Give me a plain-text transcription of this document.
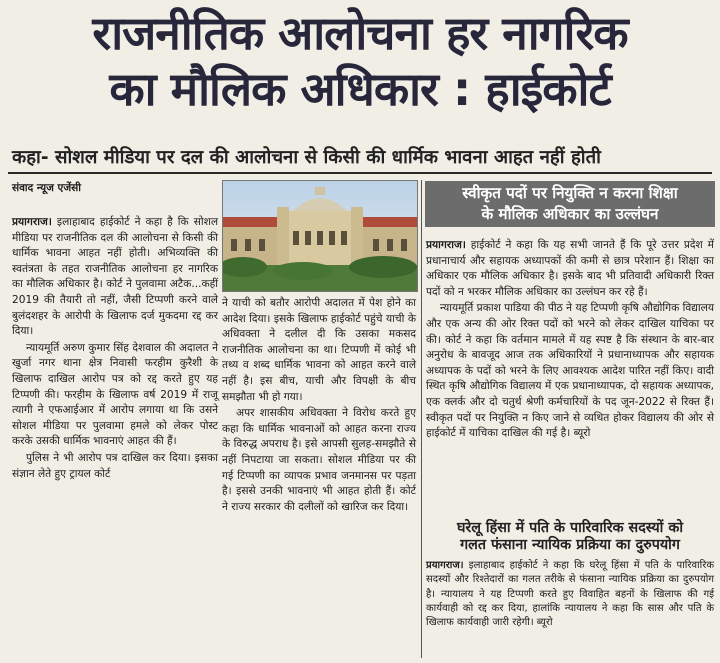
राजनीतिक आलोचना हर नागरिक
का मौलिक अधिकार : हाईकोर्ट
कहा- सोशल मीडिया पर दल की आलोचना से किसी की धार्मिक भावना आहत नहीं होती
संवाद न्यूज एजेंसी

प्रयागराज। इलाहाबाद हाईकोर्ट ने कहा है कि सोशल मीडिया पर राजनीतिक दल की आलोचना से किसी की धार्मिक भावना आहत नहीं होती। अभिव्यक्ति की स्वतंत्रता के तहत राजनीतिक आलोचना हर नागरिक का मौलिक अधिकार है। कोर्ट ने पुलवामा अटैक...कहीं 2019 की तैयारी तो नहीं, जैसी टिप्पणी करने वाले बुलंदशहर के आरोपी के खिलाफ दर्ज मुकदमा रद्द कर दिया।

न्यायमूर्ति अरुण कुमार सिंह देशवाल की अदालत ने खुर्जा नगर थाना क्षेत्र निवासी फरहीम कुरैशी के खिलाफ दाखिल आरोप पत्र को रद्द करते हुए यह टिप्पणी की। फरहीम के खिलाफ वर्ष 2019 में राजू त्यागी ने एफआईआर में आरोप लगाया था कि उसने सोशल मीडिया पर पुलवामा हमले को लेकर पोस्ट करके उसकी धार्मिक भावनाएं आहत की हैं।

पुलिस ने भी आरोप पत्र दाखिल कर दिया। इसका संज्ञान लेते हुए ट्रायल कोर्ट

ने याची को बतौर आरोपी अदालत में पेश होने का आदेश दिया। इसके खिलाफ हाईकोर्ट पहुंचे याची के अधिवक्ता ने दलील दी कि उसका मकसद राजनीतिक आलोचना का था। टिप्पणी में कोई भी तथ्य व शब्द धार्मिक भावना को आहत करने वाले नहीं है। इस बीच, याची और विपक्षी के बीच समझौता भी हो गया।

अपर शासकीय अधिवक्ता ने विरोध करते हुए कहा कि धार्मिक भावनाओं को आहत करना राज्य के विरुद्ध अपराध है। इसे आपसी सुलह-समझौते से नहीं निपटाया जा सकता। सोशल मीडिया पर की गई टिप्पणी का व्यापक प्रभाव जनमानस पर पड़ता है। इससे उनकी भावनाएं भी आहत होती हैं। कोर्ट ने राज्य सरकार की दलीलों को खारिज कर दिया।

स्वीकृत पदों पर नियुक्ति न करना शिक्षा
के मौलिक अधिकार का उल्लंघन

प्रयागराज। हाईकोर्ट ने कहा कि यह सभी जानते हैं कि पूरे उत्तर प्रदेश में प्रधानाचार्य और सहायक अध्यापकों की कमी से छात्र परेशान हैं। शिक्षा का अधिकार एक मौलिक अधिकार है। इसके बाद भी प्रतिवादी अधिकारी रिक्त पदों को न भरकर मौलिक अधिकार का उल्लंघन कर रहे हैं।

न्यायमूर्ति प्रकाश पाडिया की पीठ ने यह टिप्पणी कृषि औद्योगिक विद्यालय और एक अन्य की ओर रिक्त पदों को भरने को लेकर दाखिल याचिका पर की। कोर्ट ने कहा कि वर्तमान मामले में यह स्पष्ट है कि संस्थान के बार-बार अनुरोध के बावजूद आज तक अधिकारियों ने प्रधानाध्यापक और सहायक अध्यापक के पदों को भरने के लिए आवश्यक आदेश पारित नहीं किए। वादी स्थित कृषि औद्योगिक विद्यालय में एक प्रधानाध्यापक, दो सहायक अध्यापक, एक क्लर्क और दो चतुर्थ श्रेणी कर्मचारियों के पद जून-2022 से रिक्त हैं। स्वीकृत पदों पर नियुक्ति न किए जाने से व्यथित होकर विद्यालय की ओर से हाईकोर्ट में याचिका दाखिल की गई है। ब्यूरो

घरेलू हिंसा में पति के पारिवारिक सदस्यों को
गलत फंसाना न्यायिक प्रक्रिया का दुरुपयोग

प्रयागराज। इलाहाबाद हाईकोर्ट ने कहा कि घरेलू हिंसा में पति के पारिवारिक सदस्यों और रिश्तेदारों का गलत तरीके से फंसाना न्यायिक प्रक्रिया का दुरुपयोग है। न्यायालय ने यह टिप्पणी करते हुए विवाहित बहनों के खिलाफ की गई कार्यवाही को रद्द कर दिया, हालांकि न्यायालय ने कहा कि सास और पति के खिलाफ कार्यवाही जारी रहेगी। ब्यूरो
